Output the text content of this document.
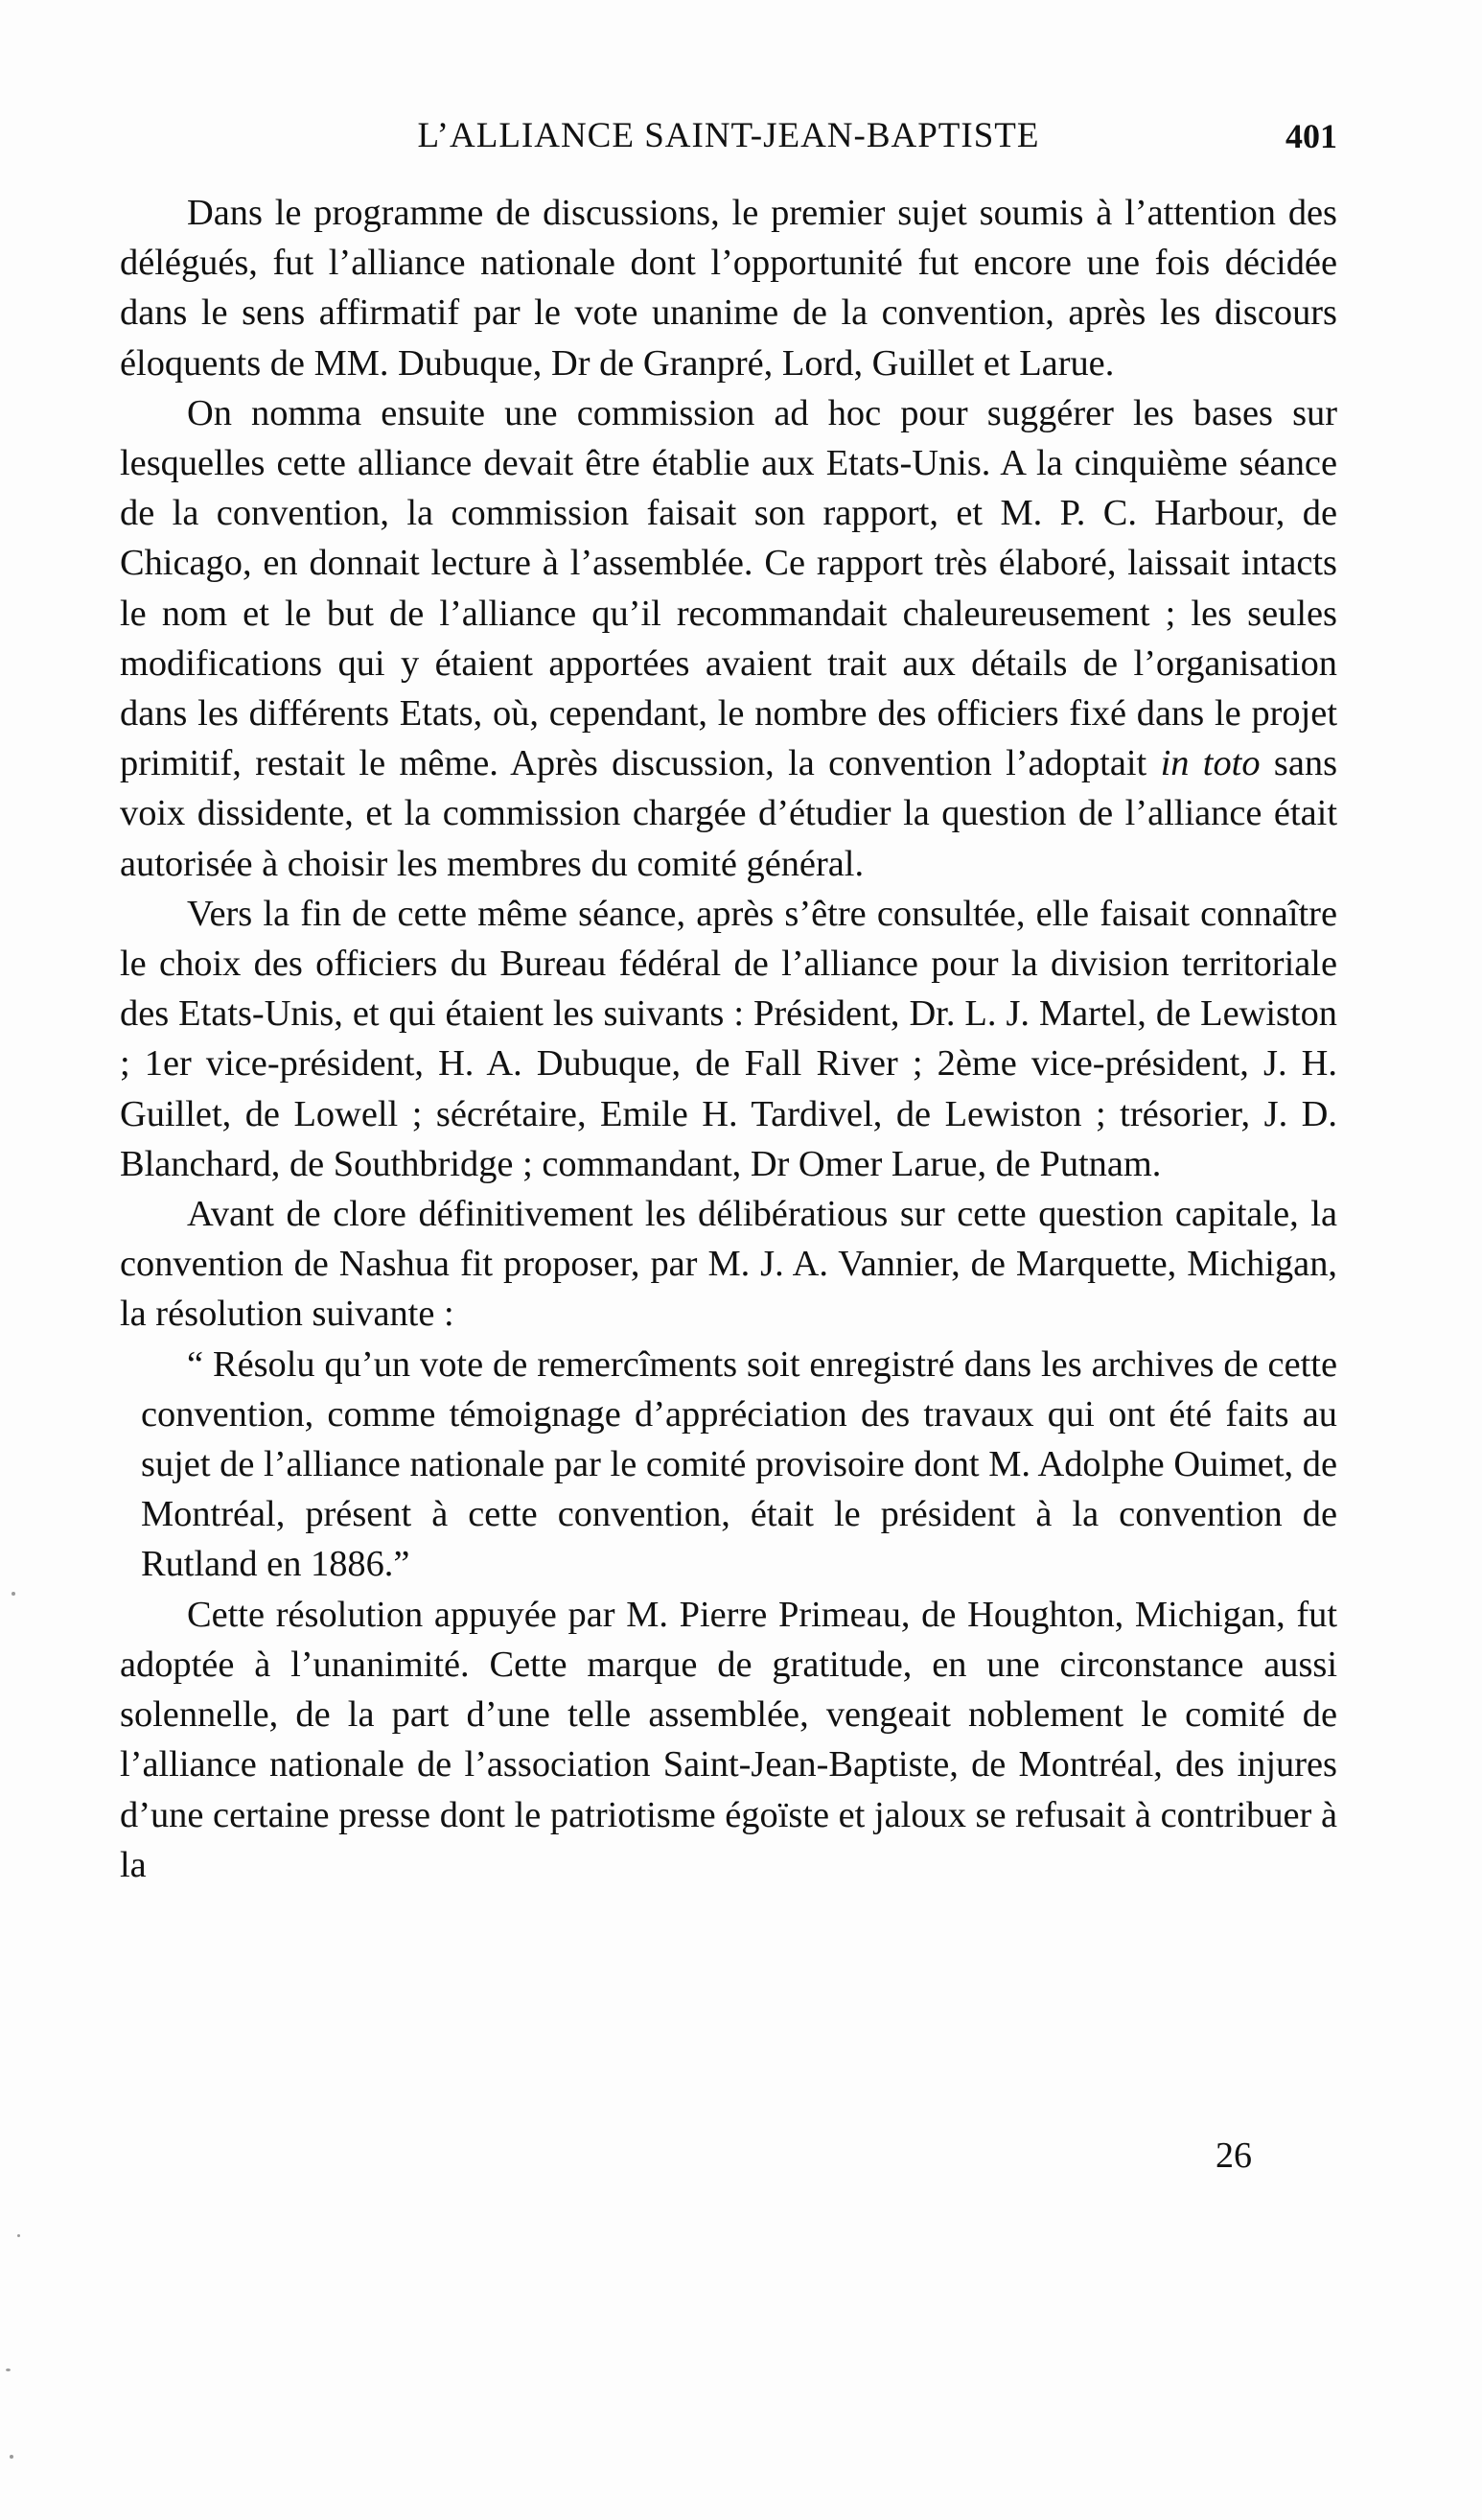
L’ALLIANCE SAINT-JEAN-BAPTISTE	401

Dans le programme de discussions, le premier sujet soumis à l’attention des délégués, fut l’alliance nationale dont l’opportunité fut encore une fois décidée dans le sens affirmatif par le vote unanime de la convention, après les discours éloquents de MM. Dubuque, Dr de Granpré, Lord, Guillet et Larue.

On nomma ensuite une commission ad hoc pour suggérer les bases sur lesquelles cette alliance devait être établie aux Etats-Unis. A la cinquième séance de la convention, la commission faisait son rapport, et M. P. C. Harbour, de Chicago, en donnait lecture à l’assemblée. Ce rapport très élaboré, laissait intacts le nom et le but de l’alliance qu’il recommandait chaleureusement ; les seules modifications qui y étaient apportées avaient trait aux détails de l’organisation dans les différents Etats, où, cependant, le nombre des officiers fixé dans le projet primitif, restait le même. Après discussion, la convention l’adoptait in toto sans voix dissidente, et la commission chargée d’étudier la question de l’alliance était autorisée à choisir les membres du comité général.

Vers la fin de cette même séance, après s’être consultée, elle faisait connaître le choix des officiers du Bureau fédéral de l’alliance pour la division territoriale des Etats-Unis, et qui étaient les suivants : Président, Dr. L. J. Martel, de Lewiston ; 1er vice-président, H. A. Dubuque, de Fall River ; 2ème vice-président, J. H. Guillet, de Lowell ; sécrétaire, Emile H. Tardivel, de Lewiston ; trésorier, J. D. Blanchard, de Southbridge ; commandant, Dr Omer Larue, de Putnam.

Avant de clore définitivement les délibératious sur cette question capitale, la convention de Nashua fit proposer, par M. J. A. Vannier, de Marquette, Michigan, la résolution suivante :

“ Résolu qu’un vote de remercîments soit enregistré dans les archives de cette convention, comme témoignage d’appréciation des travaux qui ont été faits au sujet de l’alliance nationale par le comité provisoire dont M. Adolphe Ouimet, de Montréal, présent à cette convention, était le président à la convention de Rutland en 1886.”

Cette résolution appuyée par M. Pierre Primeau, de Houghton, Michigan, fut adoptée à l’unanimité. Cette marque de gratitude, en une circonstance aussi solennelle, de la part d’une telle assemblée, vengeait noblement le comité de l’alliance nationale de l’association Saint-Jean-Baptiste, de Montréal, des injures d’une certaine presse dont le patriotisme égoïste et jaloux se refusait à contribuer à la

26
